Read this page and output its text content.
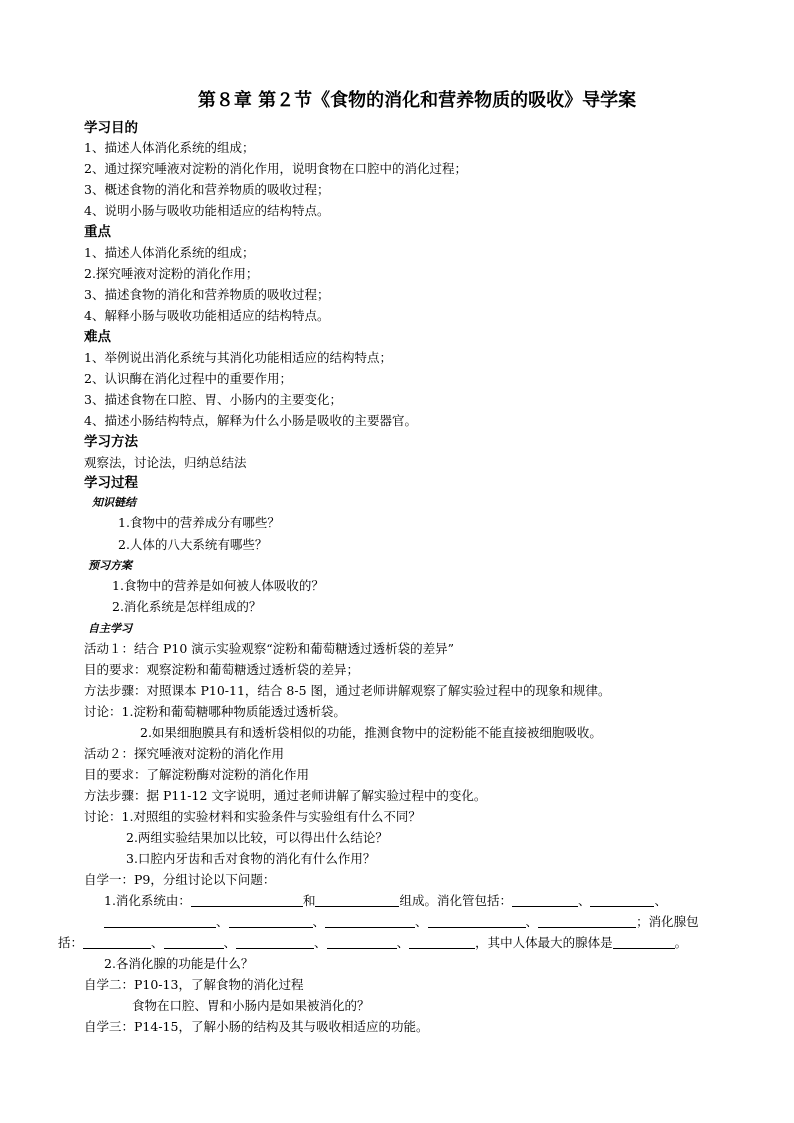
第８章 第２节《食物的消化和营养物质的吸收》导学案
学习目的
1、描述人体消化系统的组成；
2、通过探究唾液对淀粉的消化作用，说明食物在口腔中的消化过程；
3、概述食物的消化和营养物质的吸收过程；
4、说明小肠与吸收功能相适应的结构特点。
重点
1、描述人体消化系统的组成；
2.探究唾液对淀粉的消化作用；
3、描述食物的消化和营养物质的吸收过程；
4、解释小肠与吸收功能相适应的结构特点。
难点
1、举例说出消化系统与其消化功能相适应的结构特点；
2、认识酶在消化过程中的重要作用；
3、描述食物在口腔、胃、小肠内的主要变化；
4、描述小肠结构特点，解释为什么小肠是吸收的主要器官。
学习方法
观察法，讨论法，归纳总结法
学习过程
知识链结
1.食物中的营养成分有哪些？
2.人体的八大系统有哪些？
预习方案
1.食物中的营养是如何被人体吸收的？
2.消化系统是怎样组成的？
自主学习
活动１：结合 P10 演示实验观察“淀粉和葡萄糖透过透析袋的差异”
目的要求：观察淀粉和葡萄糖透过透析袋的差异；
方法步骤：对照课本 P10-11，结合 8-5 图，通过老师讲解观察了解实验过程中的现象和规律。
讨论：1.淀粉和葡萄糖哪种物质能透过透析袋。
2.如果细胞膜具有和透析袋相似的功能，推测食物中的淀粉能不能直接被细胞吸收。
活动２：探究唾液对淀粉的消化作用
目的要求：了解淀粉酶对淀粉的消化作用
方法步骤：据 P11-12 文字说明，通过老师讲解了解实验过程中的变化。
讨论：1.对照组的实验材料和实验条件与实验组有什么不同？
2.两组实验结果加以比较，可以得出什么结论？
3.口腔内牙齿和舌对食物的消化有什么作用？
自学一：P9，分组讨论以下问题：
1.消化系统由：	和	组成。消化管包括：	、	、
、	、	、	、	；消化腺包
括：	、	、	、	、	，其中人体最大的腺体是	。
2.各消化腺的功能是什么？
自学二：P10-13，了解食物的消化过程
食物在口腔、胃和小肠内是如果被消化的？
自学三：P14-15，了解小肠的结构及其与吸收相适应的功能。
